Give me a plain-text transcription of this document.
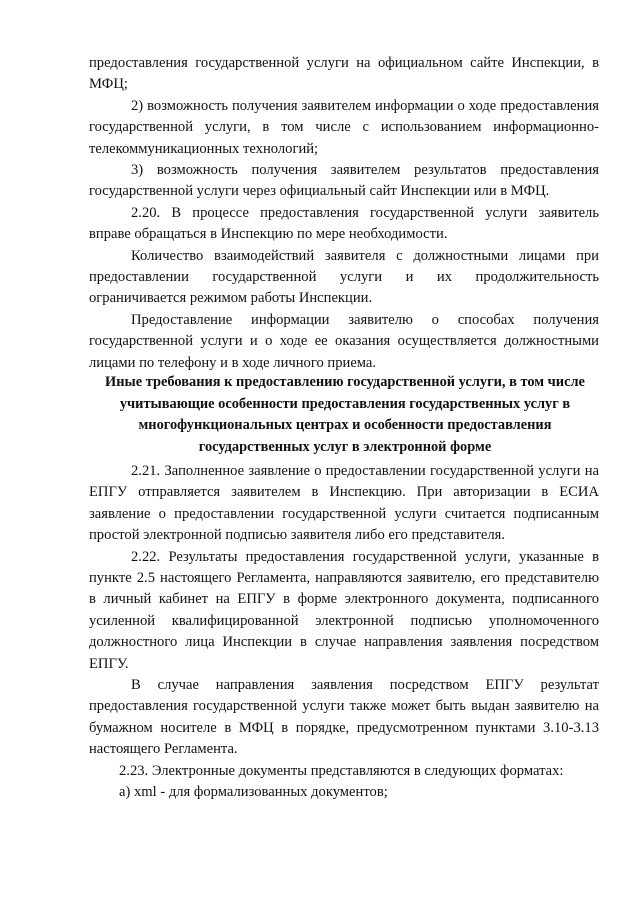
предоставления государственной услуги на официальном сайте Инспекции, в МФЦ;

2) возможность получения заявителем информации о ходе предоставления государственной услуги, в том числе с использованием информационно-телекоммуникационных технологий;

3) возможность получения заявителем результатов предоставления государственной услуги через официальный сайт Инспекции или в МФЦ.

2.20. В процессе предоставления государственной услуги заявитель вправе обращаться в Инспекцию по мере необходимости.

Количество взаимодействий заявителя с должностными лицами при предоставлении государственной услуги и их продолжительность ограничивается режимом работы Инспекции.

Предоставление информации заявителю о способах получения государственной услуги и о ходе ее оказания осуществляется должностными лицами по телефону и в ходе личного приема.

Иные требования к предоставлению государственной услуги, в том числе учитывающие особенности предоставления государственных услуг в многофункциональных центрах и особенности предоставления государственных услуг в электронной форме

2.21. Заполненное заявление о предоставлении государственной услуги на ЕПГУ отправляется заявителем в Инспекцию. При авторизации в ЕСИА заявление о предоставлении государственной услуги считается подписанным простой электронной подписью заявителя либо его представителя.

2.22. Результаты предоставления государственной услуги, указанные в пункте 2.5 настоящего Регламента, направляются заявителю, его представителю в личный кабинет на ЕПГУ в форме электронного документа, подписанного усиленной квалифицированной электронной подписью уполномоченного должностного лица Инспекции в случае направления заявления посредством ЕПГУ.

В случае направления заявления посредством ЕПГУ результат предоставления государственной услуги также может быть выдан заявителю на бумажном носителе в МФЦ в порядке, предусмотренном пунктами 3.10-3.13 настоящего Регламента.

2.23. Электронные документы представляются в следующих форматах:

а) xml - для формализованных документов;
